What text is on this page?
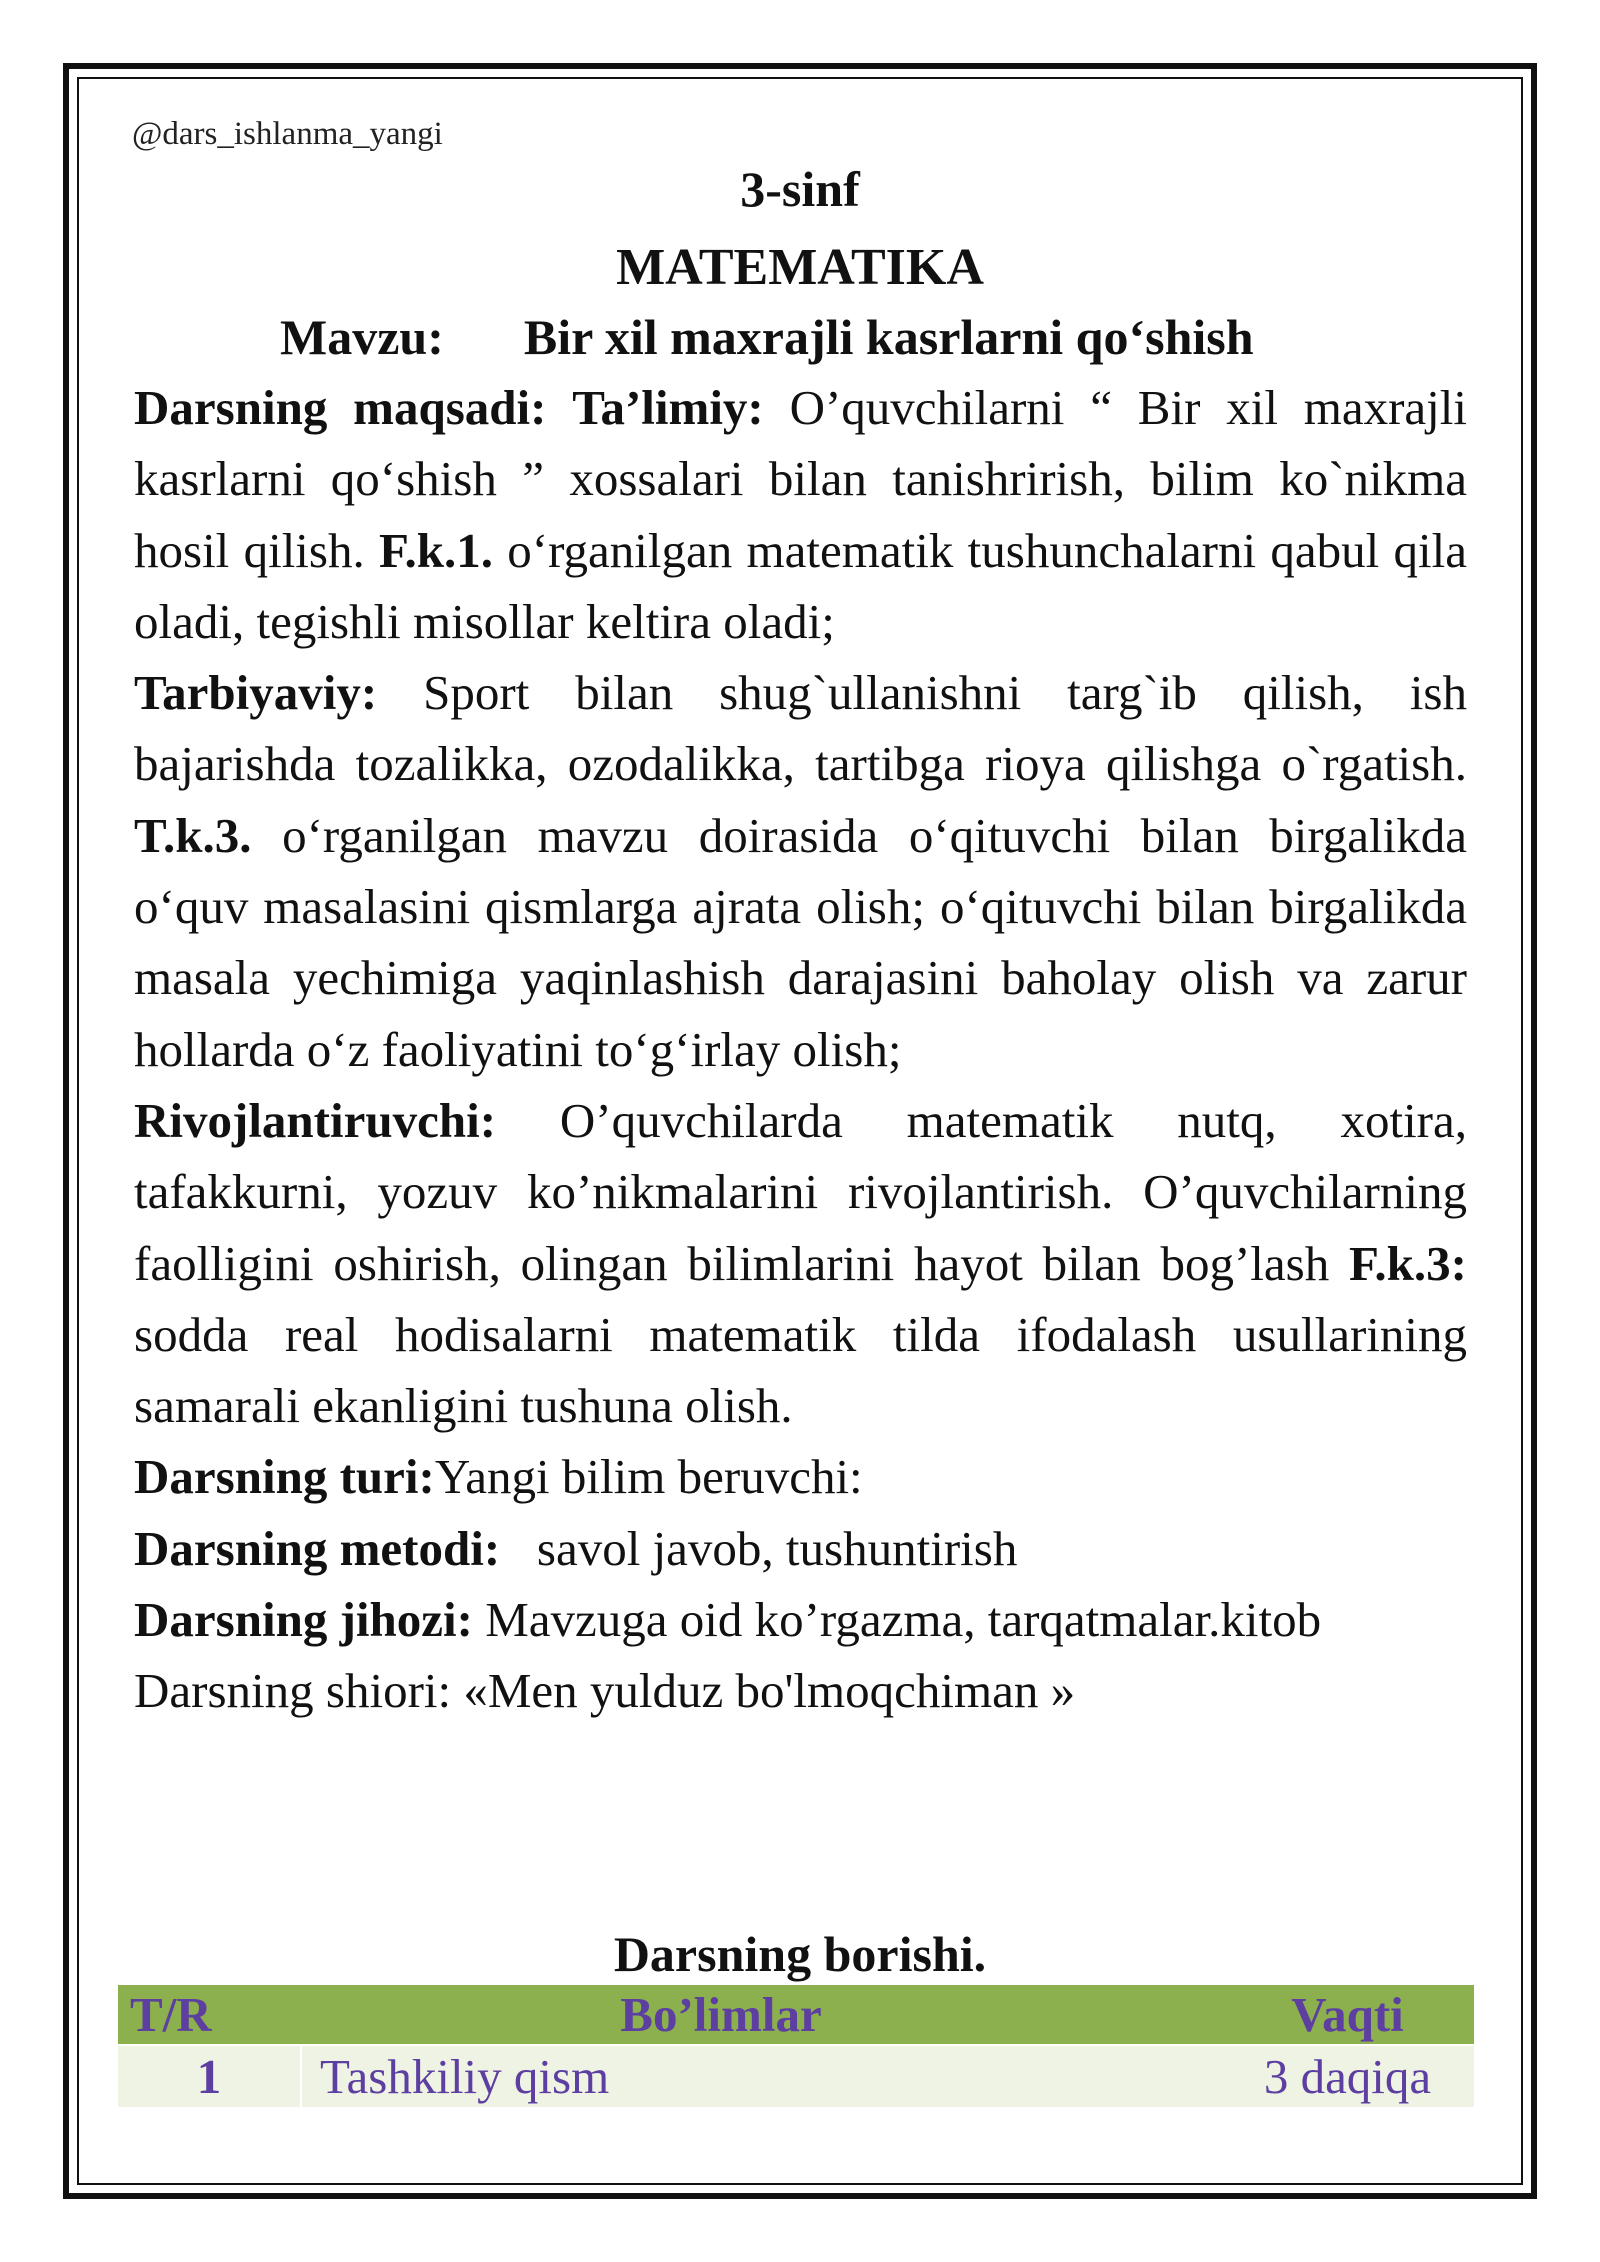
@dars_ishlanma_yangi
3-sinf
MATEMATIKA
Mavzu: Bir xil maxrajli kasrlarni qo‘shish

Darsning maqsadi: Ta’limiy: O’quvchilarni “ Bir xil maxrajli kasrlarni qo‘shish ” xossalari bilan tanishrirish, bilim ko`nikma hosil qilish. F.k.1. o‘rganilgan matematik tushunchalarni qabul qila oladi, tegishli misollar keltira oladi;

Tarbiyaviy: Sport bilan shug`ullanishni targ`ib qilish, ish bajarishda tozalikka, ozodalikka, tartibga rioya qilishga o`rgatish. T.k.3. o‘rganilgan mavzu doirasida o‘qituvchi bilan birgalikda o‘quv masalasini qismlarga ajrata olish; o‘qituvchi bilan birgalikda masala yechimiga yaqinlashish darajasini baholay olish va zarur hollarda o‘z faoliyatini to‘g‘irlay olish;

Rivojlantiruvchi: O’quvchilarda matematik nutq, xotira, tafakkurni, yozuv ko’nikmalarini rivojlantirish. O’quvchilarning faolligini oshirish, olingan bilimlarini hayot bilan bog’lash F.k.3: sodda real hodisalarni matematik tilda ifodalash usullarining samarali ekanligini tushuna olish.

Darsning turi:Yangi bilim beruvchi:

Darsning metodi: savol javob, tushuntirish

Darsning jihozi: Mavzuga oid ko’rgazma, tarqatmalar.kitob

Darsning shiori: «Men yulduz bo'lmoqchiman »

Darsning borishi.
T/R	Bo’limlar	Vaqti
1	Tashkiliy qism	3 daqiqa
